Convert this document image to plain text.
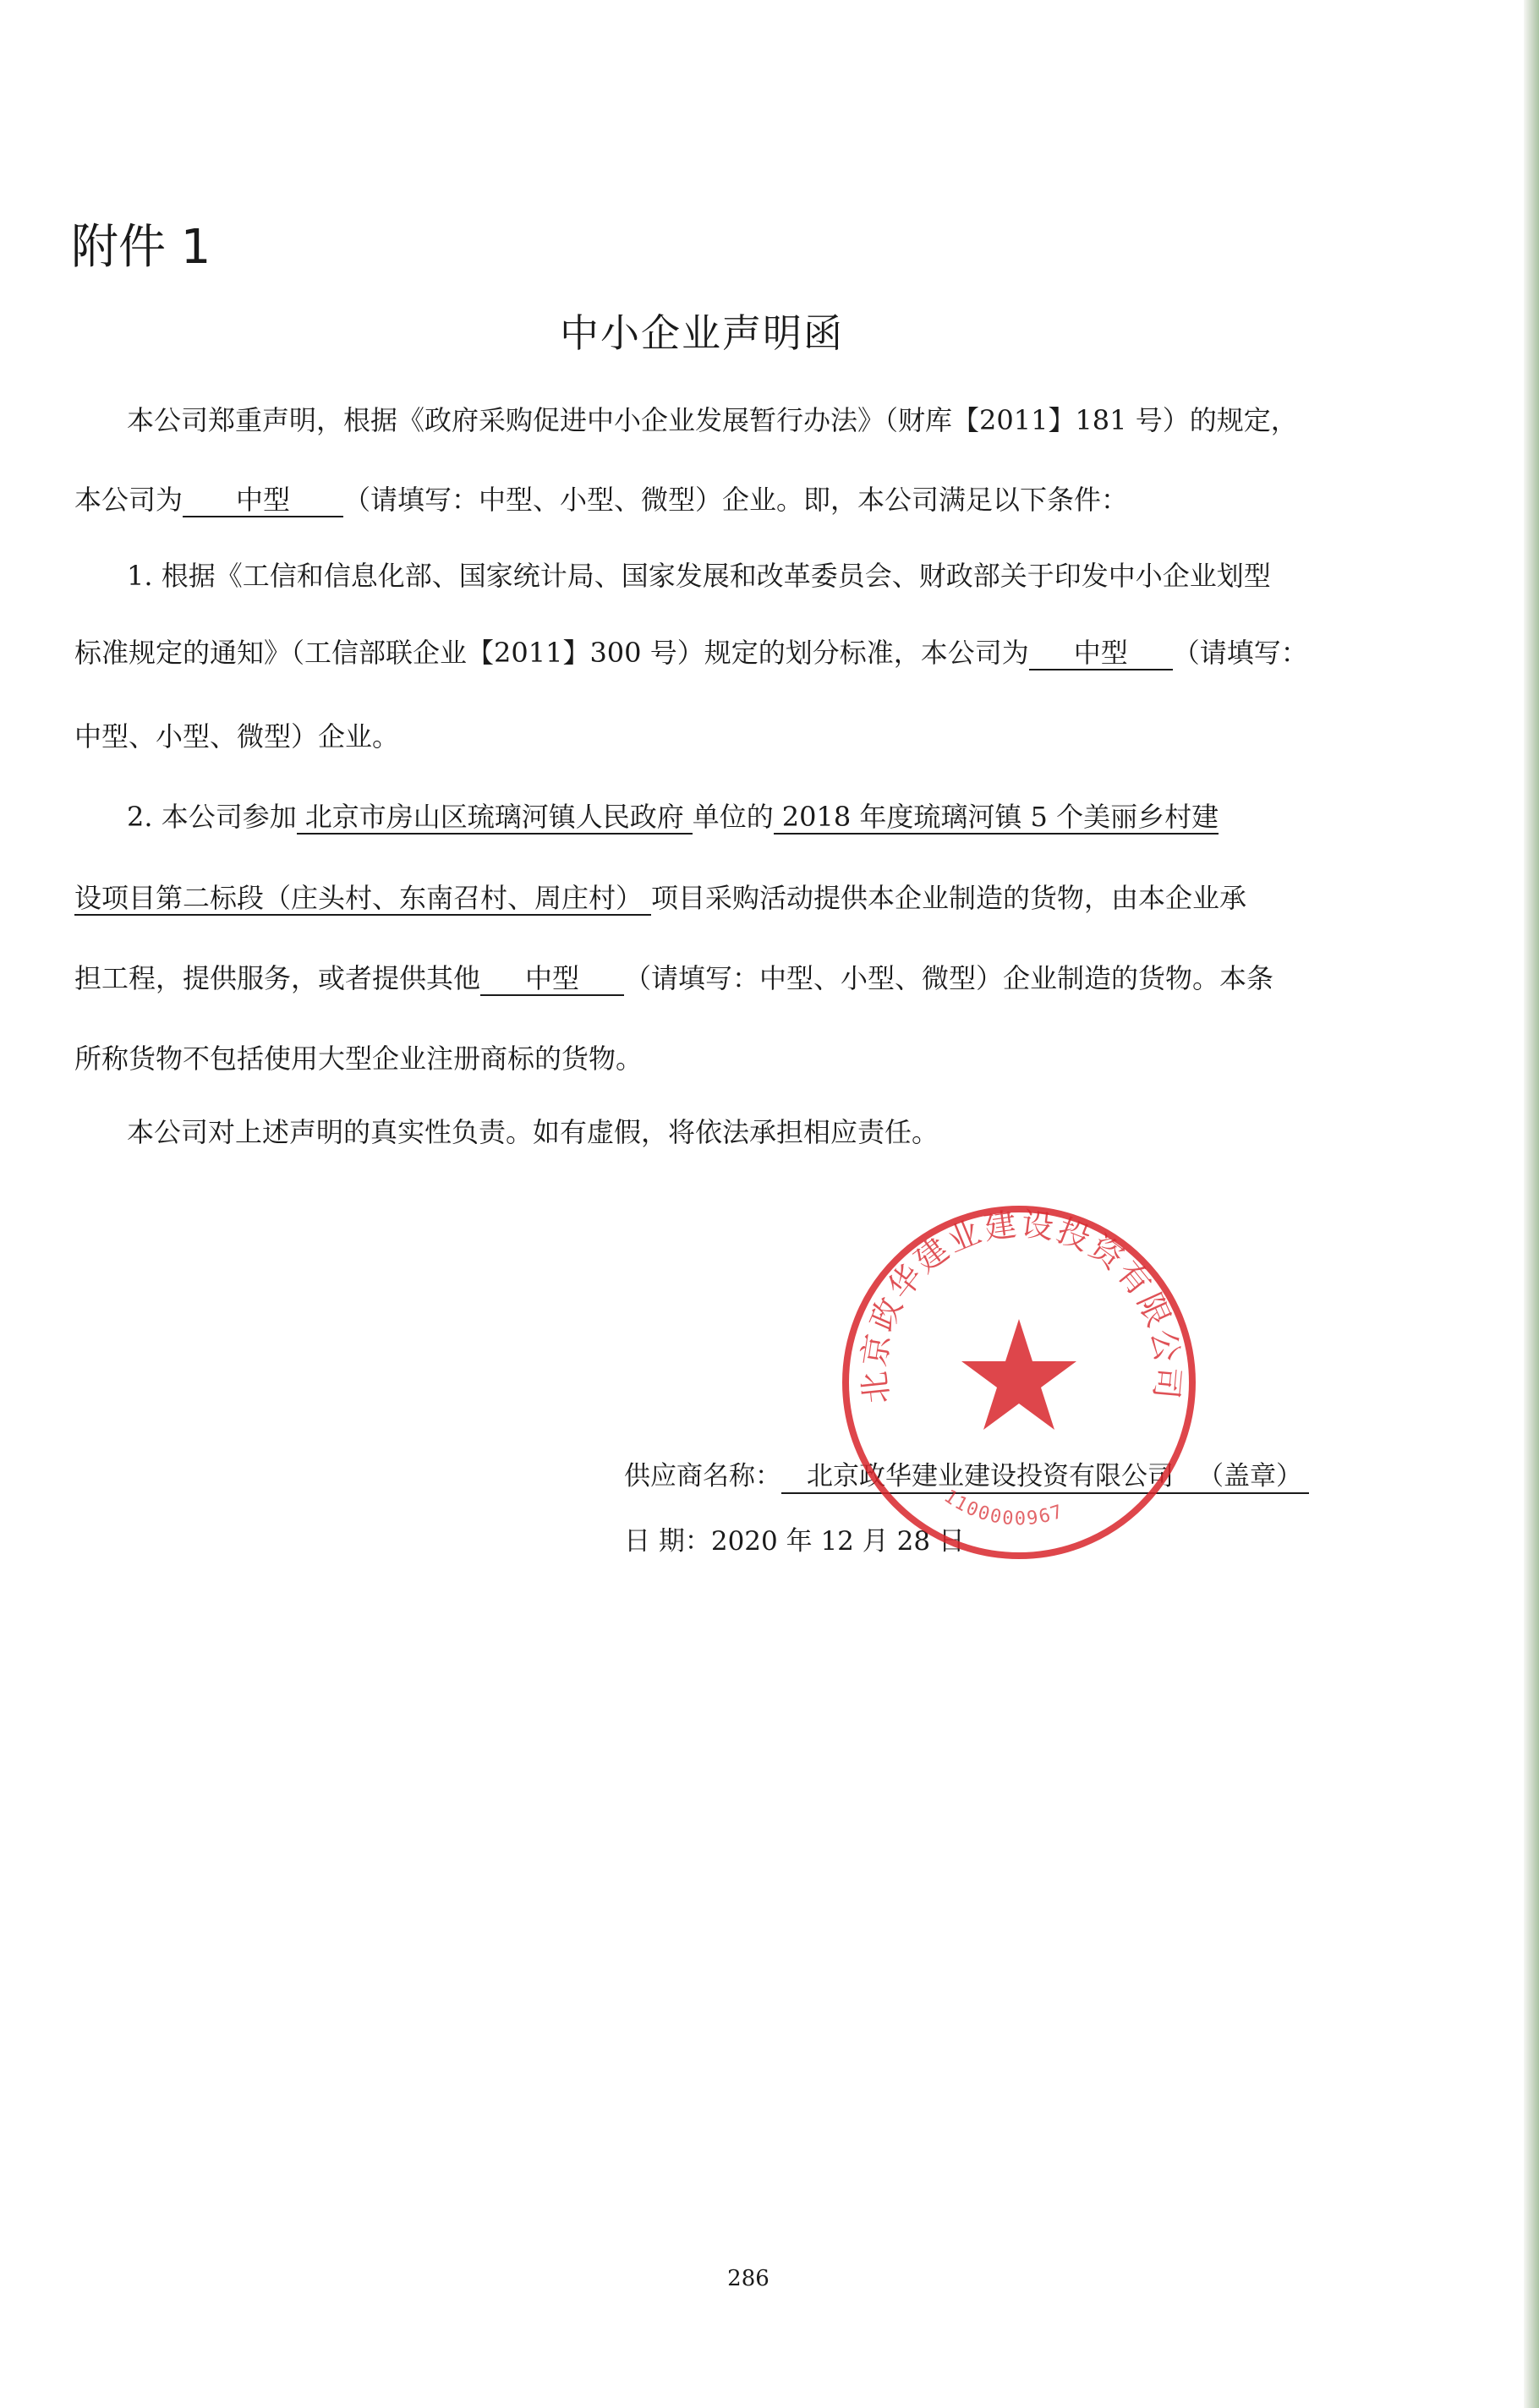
附件 1
中小企业声明函
本公司郑重声明，根据《政府采购促进中小企业发展暂行办法》（财库【2011】181 号）的规定，
本公司为 中型 （请填写：中型、小型、微型）企业。即，本公司满足以下条件：
1. 根据《工信和信息化部、国家统计局、国家发展和改革委员会、财政部关于印发中小企业划型
标准规定的通知》（工信部联企业【2011】300 号）规定的划分标准，本公司为 中型 （请填写：
中型、小型、微型）企业。
2. 本公司参加 北京市房山区琉璃河镇人民政府 单位的 2018 年度琉璃河镇 5 个美丽乡村建
设项目第二标段（庄头村、东南召村、周庄村） 项目采购活动提供本企业制造的货物，由本企业承
担工程，提供服务，或者提供其他 中型 （请填写：中型、小型、微型）企业制造的货物。本条
所称货物不包括使用大型企业注册商标的货物。
本公司对上述声明的真实性负责。如有虚假，将依法承担相应责任。
供应商名称： 北京政华建业建设投资有限公司 （盖章）
日 期：2020 年 12 月 28 日
北京政华建业建设投资有限公司
1100000967
286
